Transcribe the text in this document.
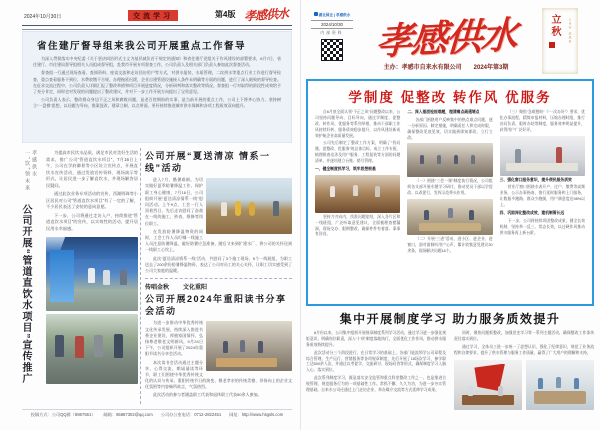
2024年10月30日	交流学习	第4版 孝感供水
省住建厅督导组来我公司开展重点工作督导

为深入贯彻落实中央纪委《关于坚决纠治形式主义为基层减负若干规定的通知》和省住建厅党组关于作风建设的部署要求，6月7日，省住建厅、市住建局督导组相关人员组成督导组，赴我市开展专项督查工作，公司负责人及相关部门负责人参加此次督查活动。

督查组一行通过现场查看、查阅资料、座谈交流和走访回访用户等方式，对供水报装、水质管理、二次供水等重点行业工作进行督导检查，重点查看服务不到位、水费收缴不合规、办理拖延迟缓、企业自建管道设施接入条件未明确等方面的问题，进行了深入细致的督导检查。在征求交流过程中，公司负责人详细汇报了整改举措和项目开展进度情况，分析研判和落实整改等情况。督查组一行对取得的阶段性成效给予了充分肯定，同时也对发现的问题提出了整改建议，并对下一步工作开展方向提出了宝贵意见。

公司负责人表示，整改群众身边不正之风和腐败问题，是老百姓期盼的实事，是当前开展的重点工作，公司上下将齐心协力、坚持树立“一盘棋”思想，以问题为导向，推案促改、建章立制、以点带面，更好持续推进城市供水保障和各项工程质效双向提升。

孝感供水　一“饮”领未来
公司开展“管道直饮水项目”宣传推广

为提高市民饮水品质，满足市民对美好生活的需求，推广公司“管道直饮水项目”，7月16日上午，公司在学府御景等小区设立宣传点，开展直饮水宣传活动，通过发放宣传资料、现场演示等形式，让居民进一步了解直饮水，并现场解答居民疑问。

通过此次业务专项活动的宣传，西湖明珠等小区居民对公司“管道直饮水项目”有了一定的了解，不少居民表达了安装的意向意愿。

下一步，公司将通过走访入户、持续推进“管道直饮水项目”的宣传，以实效性的活动，提升居民用水幸福感。

公司开展“夏送清凉 情系一线”活动

进入7月，酷暑难耐。为切实做好夏季防暑降温工作，保护职工身心健康，7月16日，公司组织开展“夏送清凉情系一线”慰问活动。上午9点，工会一行人顶着烈日，先后走访慰问了奋战在一线的施工、抄表、维修等岗位职工。

在发放防暑降温物资的同时，工会工作人员叮嘱一线施工人员注意防暑降温，做好防暑应急准备，随后又来到扩建水厂，将公司的关怀送到一线职工心坎上。

此次“夏送清凉情系一线”活动，共慰问了3个施工现场、5个一线班组，为职工送去了200余份防暑降温物资，表达了公司对员工的关心关怀，让职工切实感受到了公司大家庭的温暖。

传唱金秋 文化重阳
公司开展2024年重阳读书分享会活动

为进一步推动中华优秀传统文化传承发展，持续深入推进书香企业建设，厚植家国情怀，弘扬尊老敬老文明新风，9月24日下午，公司组织开展了2024年重阳节读书分享会活动。

本次读书会活动通过主题分享、心得交流、朗诵诵读等环节，职工们围绕中华优秀传统文化的认识与传承、重阳传统节日的演变、敬老孝亲的传统美德、昂扬向上的企业文化氛围等内容畅所欲言，气氛热烈。

此次活动的参与者涵盖职工代表和退休职工代表50余人参加。

投稿方式：公司QQ群（8867561） 邮箱：65887302@qq.com 公司办公室电话：0712-2822451 网址：http://www.hsgsls.com
湖北国企 | 孝感供水
2024/10/30
内部资料 孝感供水
主办：孝感市自来水有限公司 2024年第3期
立秋	七月节 凉风至
学制度 促整改 转作风 优服务

自6月底全面认领“不正之风”问题整改以来，公司坚持问题导向、目标导向，通过学制度、促整改、转作风、优服务等系列举措，推动干部职工作风持续好转、服务质效稳步提升，以作风建设新成效护航企业高质量发展。

公司先后制定了整改工作方案，明确了“找问题、促整改、优服务”的总体目标，成立工作专班，梳理排查出涉及用户服务、工程报装等方面的问题清单，并逐项建立台账、销号管理。

一、健全制度抓学习，筑牢思想根基

坚持刀刃向内，找准问题症结，深入各片区和一线班组，广泛听取意见建议，全面梳理查摆漏洞，现场交办、限期整改，确保件件有着落、事事有回音。

二、深入基层检视难题，理清痛点疏通堵点

各部门围绕用户反映集中的热点难点问题，逐一分析原因、制定措施，明确责任人和完成时限，确保整改见底见效，切实做到即知即改、立行立改。

（一）围绕“三会一课”制度执行情况，公司组织各支部开展专题学习研讨，推动党员干部以学促改、以改促行，发挥示范带头作用。

（二）开展“三进”活动，进小区、进企业、进窗口，面对面倾听用户心声，累计收集意见建议30余条，现场解决问题16个。

（三）聚焦“急难愁盼”（“一次办好”）要求，优化办事流程，精简申报材料，压缩办理时限，推行首问负责、限时办结等制度，服务效率明显提升，获得用户广泛好评。

三、强化窗口服务意识，提升便民服务质效

营业厅窗口围绕水表开户、过户、缴费等高频业务，公示办事指南，推行延时服务和上门服务，让数据多跑路、群众少跑腿，用户满意度达98%以上。

四、巩固深化整改成效，建机制管长远

下一步，公司将持续巩固整改成果，健全长效机制，坚持举一反三、常态长效，以过硬作风推动供水服务再上新台阶。

集中开展制度学习 助力服务质效提升

8月份以来，公司集中组织开展规章制度系列学习活动，通过学习进一步强化规矩意识、明确岗位职责，深入“十项”制度落地执行，全面优化工作作风，推动供水服务质效持续提升。

此次活动分三个阶段进行，在日常学习的基础上，各部门轮流领学公司章程及综合管理、生产运行、营销服务等各项规章制度，先后开展了16场次学习，参学职工达500余人次，并通过以考促学、交流研讨、现场问答等形式，确保制度学习入脑入心、落实到位。

此次系列制度学习，既是落实安全监管和重点科室整改工作之一，也是推进合规管理、规范服务行为的一项基础性工作。常抓不懈、久久为功，为进一步夯实管理基础，自来水公司还通过上门走访企业、举办媒介交流等方式延伸学习成果。

同时，聚焦问题抓整改，加强党史学习等一系列主题活动，确保整改工作条块责任落实到位。

通过学习，全体员工进一步统一了思想认识，强化了纪律意识，规范了业务流程和自律要求，提升了供水管理与服务工作质量，赢得了广大用户的理解和支持。
